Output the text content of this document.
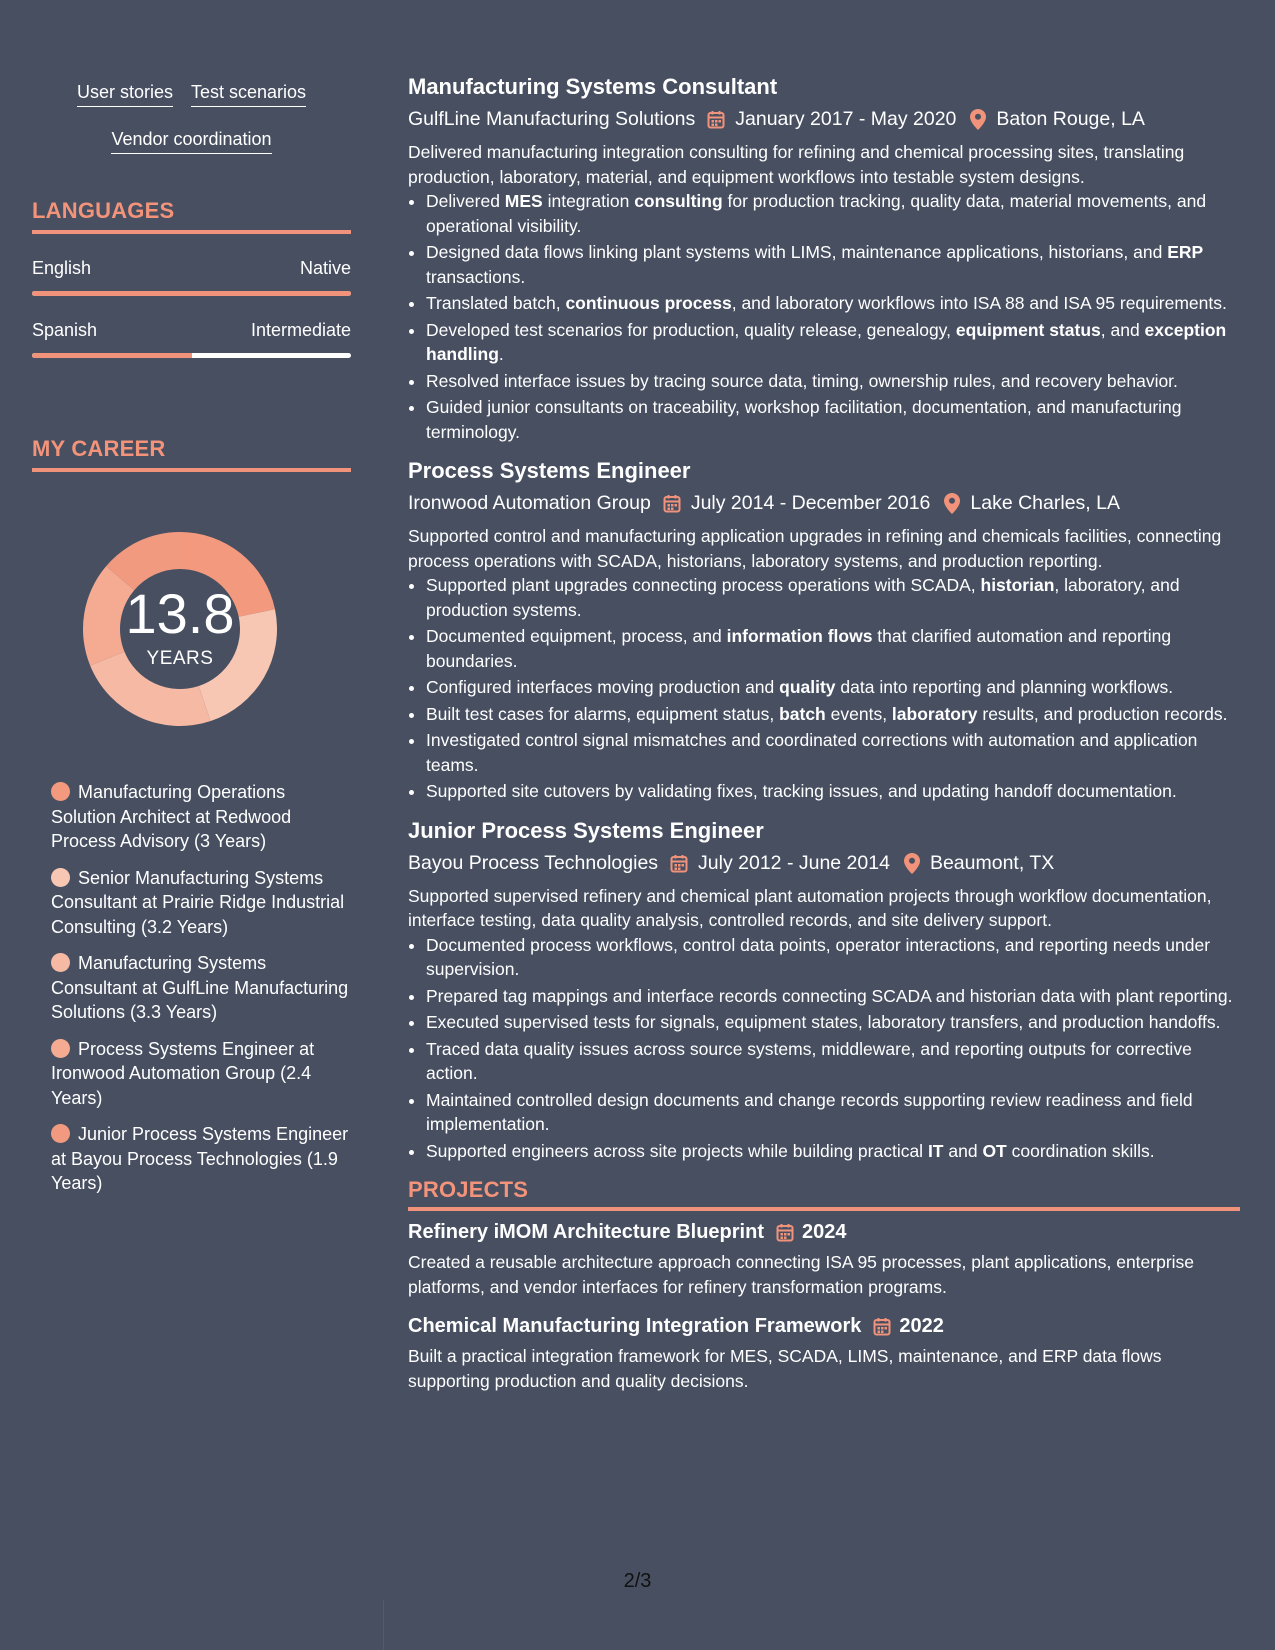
User stories Test scenarios
Vendor coordination
LANGUAGES
English	Native
Spanish	Intermediate
MY CAREER
13.8
YEARS
Manufacturing Operations Solution Architect at Redwood Process Advisory (3 Years)
Senior Manufacturing Systems Consultant at Prairie Ridge Industrial Consulting (3.2 Years)
Manufacturing Systems Consultant at GulfLine Manufacturing Solutions (3.3 Years)
Process Systems Engineer at Ironwood Automation Group (2.4 Years)
Junior Process Systems Engineer at Bayou Process Technologies (1.9 Years)
Manufacturing Systems Consultant
GulfLine Manufacturing Solutions January 2017 - May 2020 Baton Rouge, LA
Delivered manufacturing integration consulting for refining and chemical processing sites, translating production, laboratory, material, and equipment workflows into testable system designs.
• Delivered MES integration consulting for production tracking, quality data, material movements, and operational visibility.
• Designed data flows linking plant systems with LIMS, maintenance applications, historians, and ERP transactions.
• Translated batch, continuous process, and laboratory workflows into ISA 88 and ISA 95 requirements.
• Developed test scenarios for production, quality release, genealogy, equipment status, and exception handling.
• Resolved interface issues by tracing source data, timing, ownership rules, and recovery behavior.
• Guided junior consultants on traceability, workshop facilitation, documentation, and manufacturing terminology.
Process Systems Engineer
Ironwood Automation Group July 2014 - December 2016 Lake Charles, LA
Supported control and manufacturing application upgrades in refining and chemicals facilities, connecting process operations with SCADA, historians, laboratory systems, and production reporting.
• Supported plant upgrades connecting process operations with SCADA, historian, laboratory, and production systems.
• Documented equipment, process, and information flows that clarified automation and reporting boundaries.
• Configured interfaces moving production and quality data into reporting and planning workflows.
• Built test cases for alarms, equipment status, batch events, laboratory results, and production records.
• Investigated control signal mismatches and coordinated corrections with automation and application teams.
• Supported site cutovers by validating fixes, tracking issues, and updating handoff documentation.
Junior Process Systems Engineer
Bayou Process Technologies July 2012 - June 2014 Beaumont, TX
Supported supervised refinery and chemical plant automation projects through workflow documentation, interface testing, data quality analysis, controlled records, and site delivery support.
• Documented process workflows, control data points, operator interactions, and reporting needs under supervision.
• Prepared tag mappings and interface records connecting SCADA and historian data with plant reporting.
• Executed supervised tests for signals, equipment states, laboratory transfers, and production handoffs.
• Traced data quality issues across source systems, middleware, and reporting outputs for corrective action.
• Maintained controlled design documents and change records supporting review readiness and field implementation.
• Supported engineers across site projects while building practical IT and OT coordination skills.
PROJECTS
Refinery iMOM Architecture Blueprint 2024
Created a reusable architecture approach connecting ISA 95 processes, plant applications, enterprise platforms, and vendor interfaces for refinery transformation programs.
Chemical Manufacturing Integration Framework 2022
Built a practical integration framework for MES, SCADA, LIMS, maintenance, and ERP data flows supporting production and quality decisions.
2/3
